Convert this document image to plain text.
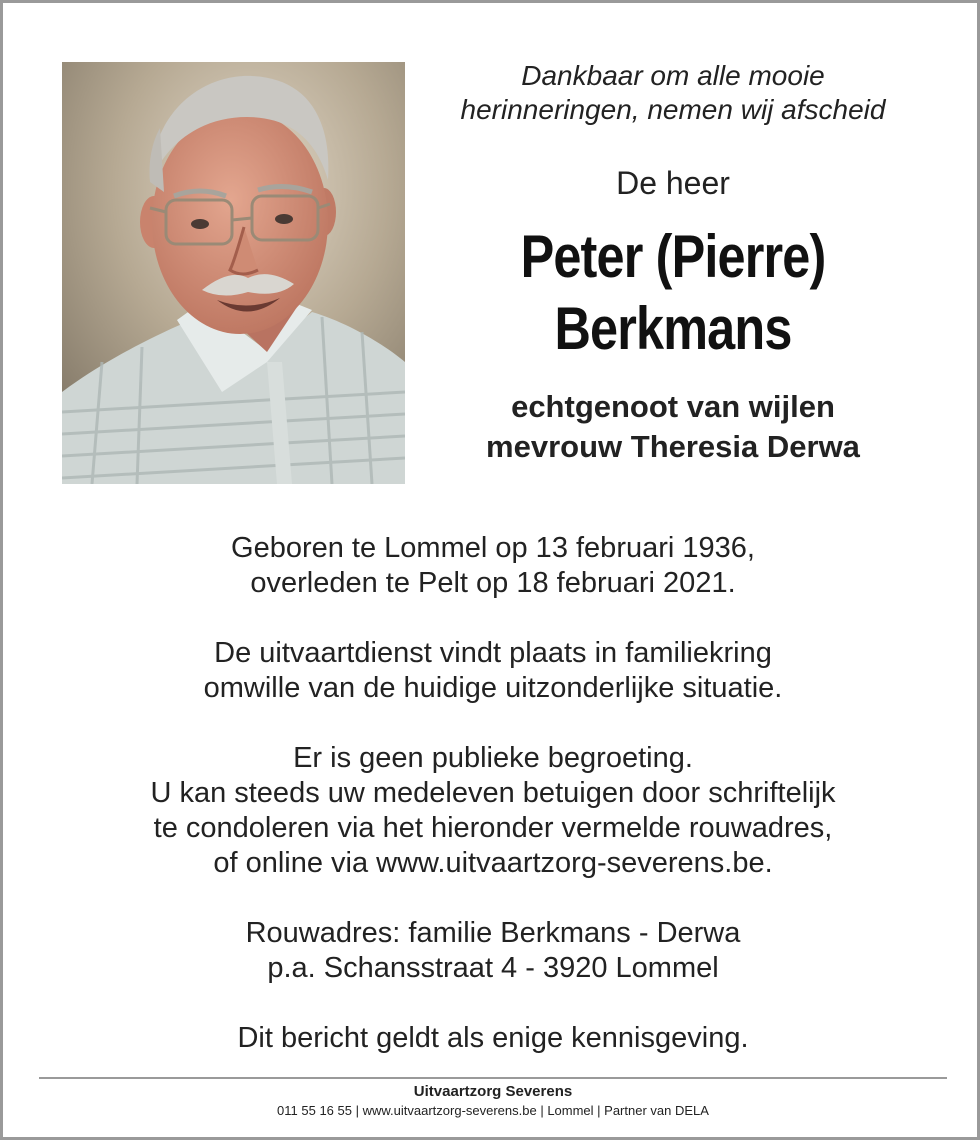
Dankbaar om alle mooie
herinneringen, nemen wij afscheid
De heer
Peter (Pierre)
Berkmans
echtgenoot van wijlen
mevrouw Theresia Derwa
Geboren te Lommel op 13 februari 1936,
overleden te Pelt op 18 februari 2021.
De uitvaartdienst vindt plaats in familiekring
omwille van de huidige uitzonderlijke situatie.
Er is geen publieke begroeting.
U kan steeds uw medeleven betuigen door schriftelijk
te condoleren via het hieronder vermelde rouwadres,
of online via www.uitvaartzorg-severens.be.
Rouwadres: familie Berkmans - Derwa
p.a. Schansstraat 4 - 3920 Lommel
Dit bericht geldt als enige kennisgeving.
Uitvaartzorg Severens
011 55 16 55 | www.uitvaartzorg-severens.be | Lommel | Partner van DELA
